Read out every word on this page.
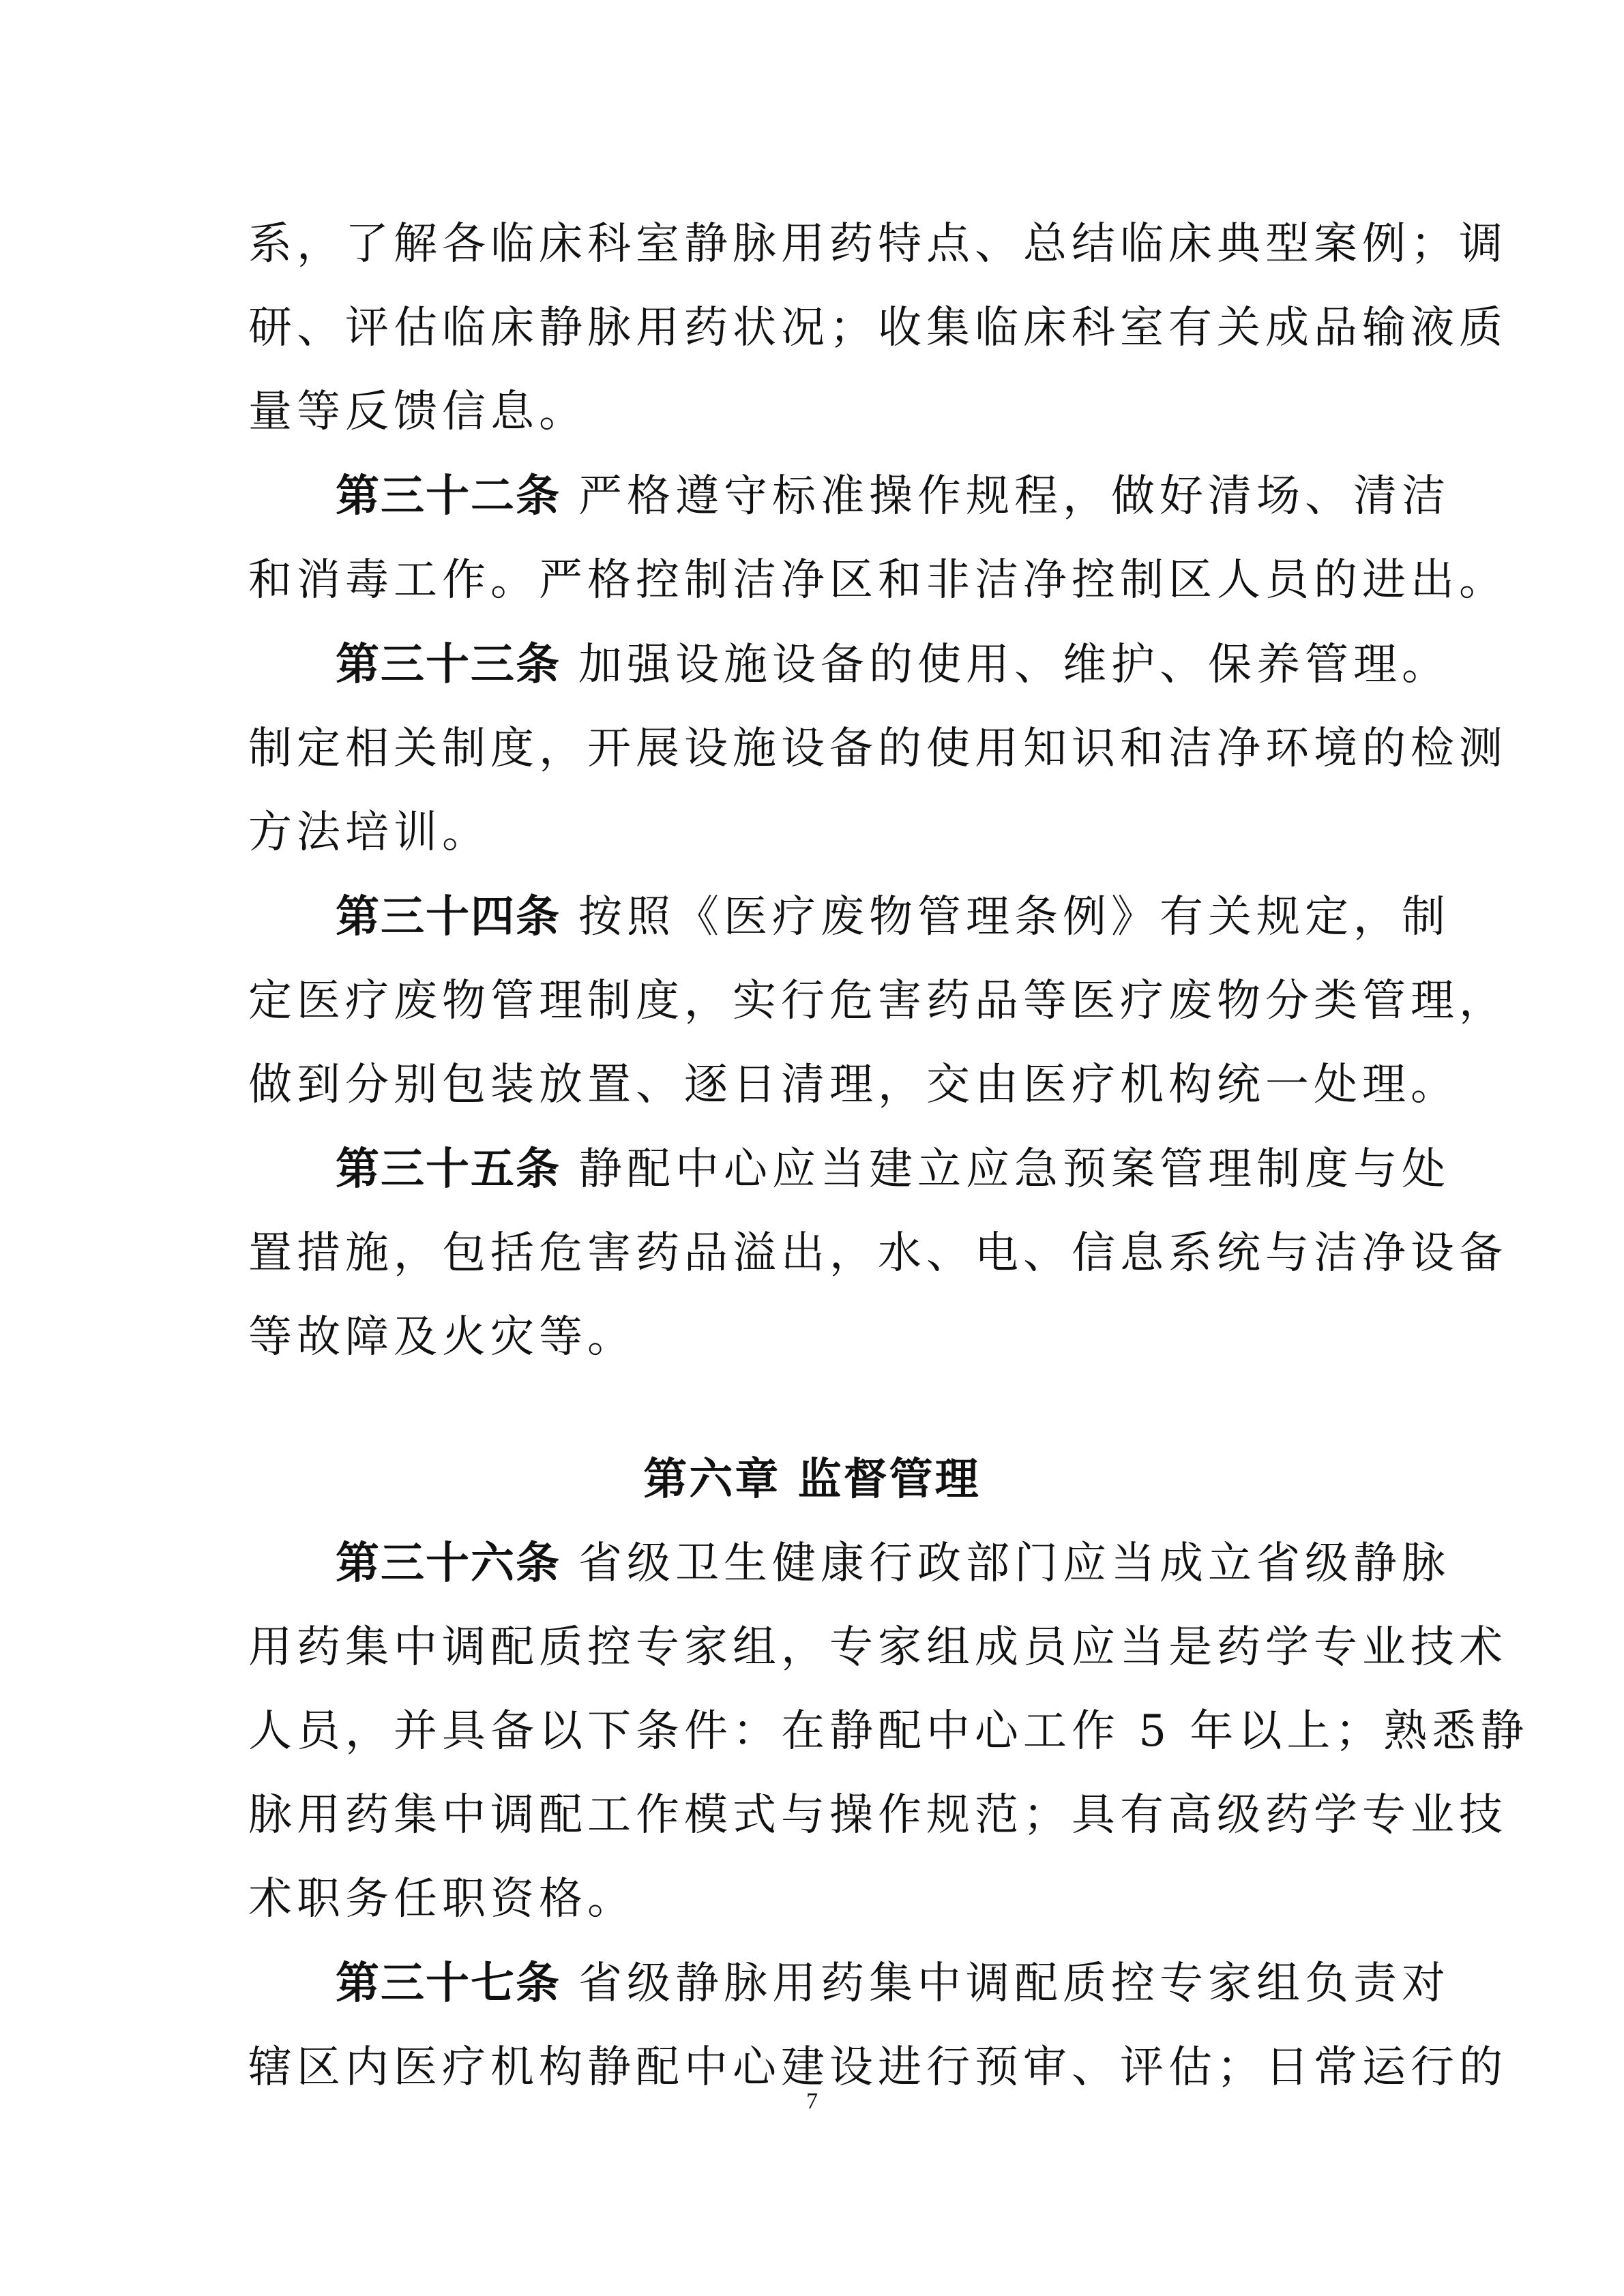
系，了解各临床科室静脉用药特点、总结临床典型案例；调
研、评估临床静脉用药状况；收集临床科室有关成品输液质
量等反馈信息。
第三十二条 严格遵守标准操作规程，做好清场、清洁
和消毒工作。严格控制洁净区和非洁净控制区人员的进出。
第三十三条 加强设施设备的使用、维护、保养管理。
制定相关制度，开展设施设备的使用知识和洁净环境的检测
方法培训。
第三十四条 按照《医疗废物管理条例》有关规定，制
定医疗废物管理制度，实行危害药品等医疗废物分类管理，
做到分别包装放置、逐日清理，交由医疗机构统一处理。
第三十五条 静配中心应当建立应急预案管理制度与处
置措施，包括危害药品溢出，水、电、信息系统与洁净设备
等故障及火灾等。
第六章 监督管理
第三十六条 省级卫生健康行政部门应当成立省级静脉
用药集中调配质控专家组，专家组成员应当是药学专业技术
人员，并具备以下条件：在静配中心工作 5 年以上；熟悉静
脉用药集中调配工作模式与操作规范；具有高级药学专业技
术职务任职资格。
第三十七条 省级静脉用药集中调配质控专家组负责对
辖区内医疗机构静配中心建设进行预审、评估；日常运行的
7
